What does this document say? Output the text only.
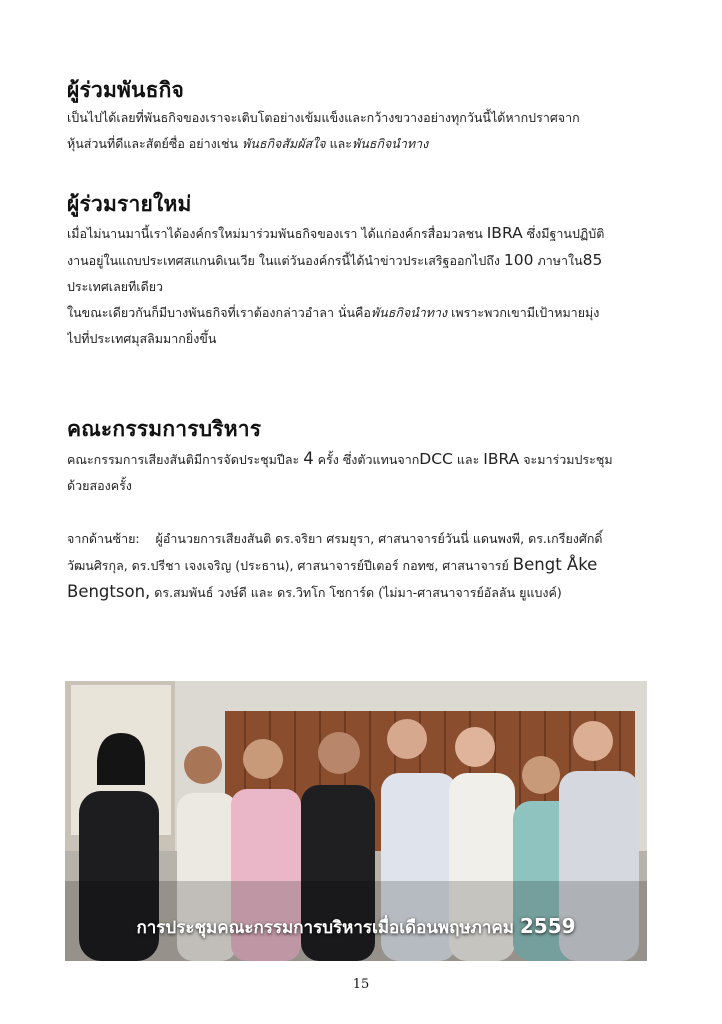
ผู้ร่วมพันธกิจ
เป็นไปได้เลยที่พันธกิจของเราจะเติบโตอย่างเข้มแข็งและกว้างขวางอย่างทุกวันนี้ได้หากปราศจาก
หุ้นส่วนที่ดีและสัตย์ซื่อ อย่างเช่น พันธกิจสัมผัสใจ และพันธกิจนำทาง
ผู้ร่วมรายใหม่
เมื่อไม่นานมานี้เราได้องค์กรใหม่มาร่วมพันธกิจของเรา ได้แก่องค์กรสื่อมวลชน IBRA ซึ่งมีฐานปฏิบัติ
งานอยู่ในแถบประเทศสแกนดิเนเวีย ในแต่วันองค์กรนี้ได้นำข่าวประเสริฐออกไปถึง 100 ภาษาใน85
ประเทศเลยทีเดียว
ในขณะเดียวกันก็มีบางพันธกิจที่เราต้องกล่าวอำลา นั่นคือพันธกิจนำทาง เพราะพวกเขามีเป้าหมายมุ่ง
ไปที่ประเทศมุสลิมมากยิ่งขึ้น
คณะกรรมการบริหาร
คณะกรรมการเสียงสันติมีการจัดประชุมปีละ 4 ครั้ง ซึ่งตัวแทนจากDCC และ IBRA จะมาร่วมประชุม
ด้วยสองครั้ง
จากด้านซ้าย: ผู้อำนวยการเสียงสันติ ดร.จริยา ศรมยุรา, ศาสนาจารย์วันนี่ แดนพงพี, ดร.เกรียงศักดิ์
วัฒนศิรกุล, ดร.ปรีชา เจงเจริญ (ประธาน), ศาสนาจารย์ปีเตอร์ กอทซ, ศาสนาจารย์ Bengt Åke
Bengtson, ดร.สมพันธ์ วงษ์ดี และ ดร.วิทโก โซการ์ด (ไม่มา-ศาสนาจารย์อัลลัน ยูแบงค์)
การประชุมคณะกรรมการบริหารเมื่อเดือนพฤษภาคม 2559
15
